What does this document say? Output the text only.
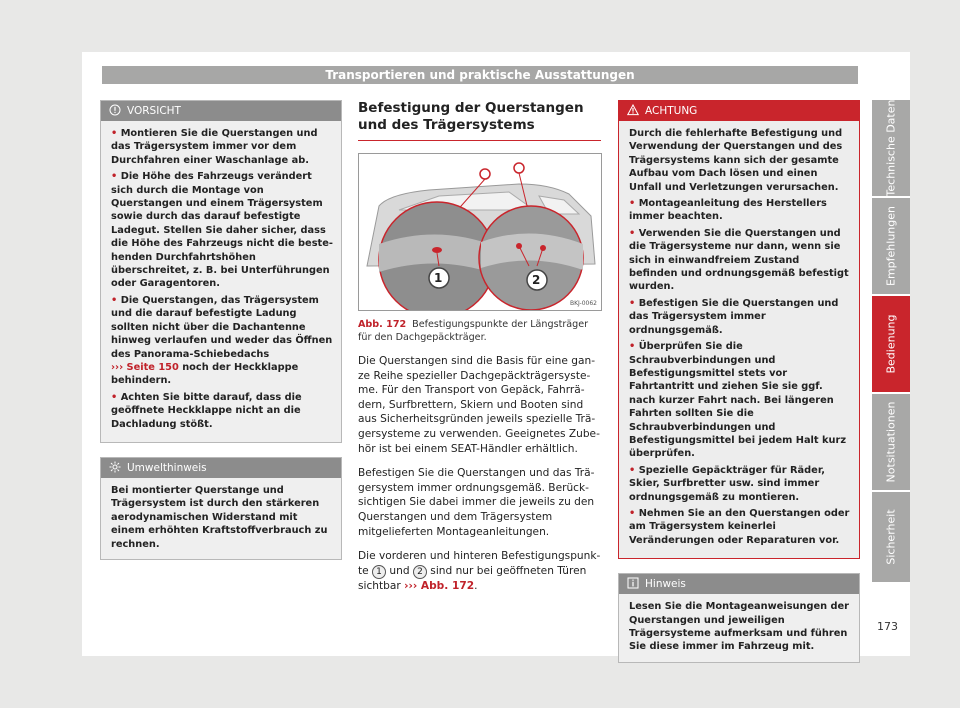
Transportieren und praktische Ausstattungen
VORSICHT

• Montieren Sie die Querstangen und das Trägersystem immer vor dem Durchfahren einer Waschanlage ab.

• Die Höhe des Fahrzeugs verändert sich durch die Montage von Querstangen und einem Trägersystem sowie durch das darauf befestigte Ladegut. Stellen Sie daher sicher, dass die Höhe des Fahrzeugs nicht die bestehenden Durchfahrtshöhen überschreitet, z. B. bei Unterführungen oder Garagentoren.

• Die Querstangen, das Trägersystem und die darauf befestigte Ladung sollten nicht über die Dachantenne hinweg verlaufen und weder das Öffnen des Panorama-Schiebedachs
››› Seite 150 noch der Heckklappe behindern.

• Achten Sie bitte darauf, dass die geöffnete Heckklappe nicht an die Dachladung stößt.

Umwelthinweis
Bei montierter Querstange und Trägersystem ist durch den stärkeren aerodynamischen Widerstand mit einem erhöhten Kraftstoffverbrauch zu rechnen.
Befestigung der Querstangen und des Trägersystems
1	2
BKJ-0062
Abb. 172 Befestigungspunkte der Längsträger für den Dachgepäckträger.
Die Querstangen sind die Basis für eine ganze Reihe spezieller Dachgepäckträgersysteme. Für den Transport von Gepäck, Fahrrädern, Surfbrettern, Skiern und Booten sind aus Sicherheitsgründen jeweils spezielle Trägersysteme zu verwenden. Geeignetes Zubehör ist bei einem SEAT-Händler erhältlich.
Befestigen Sie die Querstangen und das Trägersystem immer ordnungsgemäß. Berücksichtigen Sie dabei immer die jeweils zu den Querstangen und dem Trägersystem mitgelieferten Montageanleitungen.
Die vorderen und hinteren Befestigungspunkte 1 und 2 sind nur bei geöffneten Türen sichtbar ››› Abb. 172.
ACHTUNG

Durch die fehlerhafte Befestigung und Verwendung der Querstangen und des Trägersystems kann sich der gesamte Aufbau vom Dach lösen und einen Unfall und Verletzungen verursachen.

• Montageanleitung des Herstellers immer beachten.

• Verwenden Sie die Querstangen und die Trägersysteme nur dann, wenn sie sich in einwandfreiem Zustand befinden und ordnungsgemäß befestigt wurden.

• Befestigen Sie die Querstangen und das Trägersystem immer ordnungsgemäß.

• Überprüfen Sie die Schraubverbindungen und Befestigungsmittel stets vor Fahrtantritt und ziehen Sie sie ggf. nach kurzer Fahrt nach. Bei längeren Fahrten sollten Sie die Schraubverbindungen und Befestigungsmittel bei jedem Halt kurz überprüfen.

• Spezielle Gepäckträger für Räder, Skier, Surfbretter usw. sind immer ordnungsgemäß zu montieren.

• Nehmen Sie an den Querstangen oder am Trägersystem keinerlei Veränderungen oder Reparaturen vor.

Hinweis
Lesen Sie die Montageanweisungen der Querstangen und jeweiligen Trägersysteme aufmerksam und führen Sie diese immer im Fahrzeug mit.
Technische Daten
Empfehlungen
Bedienung
Notsituationen
Sicherheit
173
